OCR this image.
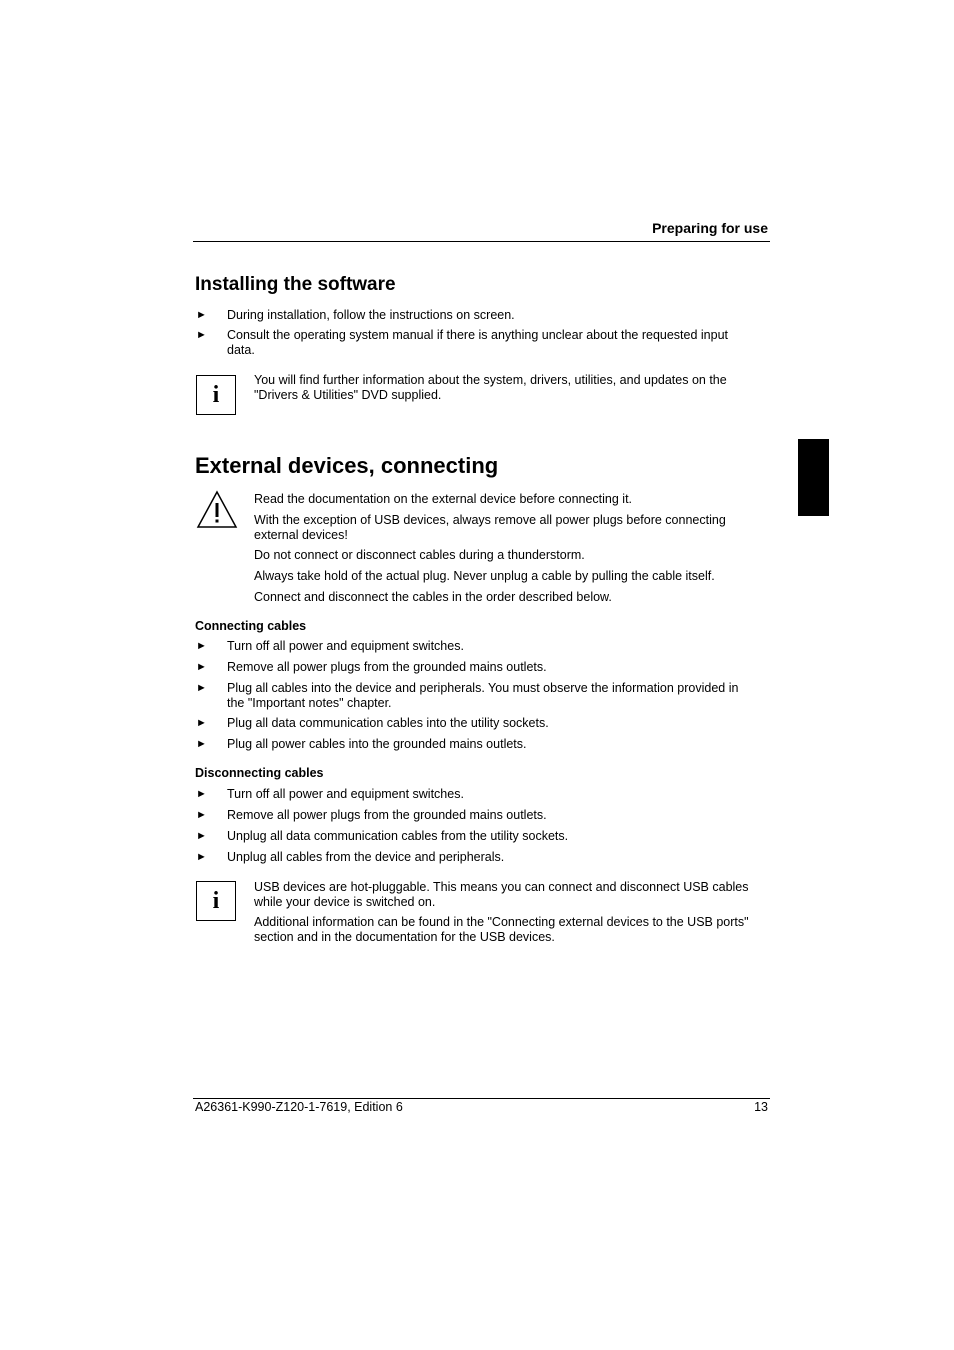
Preparing for use
Installing the software
► During installation, follow the instructions on screen.
► Consult the operating system manual if there is anything unclear about the requested input data.
i
You will find further information about the system, drivers, utilities, and updates on the "Drivers & Utilities" DVD supplied.
External devices, connecting
Read the documentation on the external device before connecting it.
With the exception of USB devices, always remove all power plugs before connecting external devices!
Do not connect or disconnect cables during a thunderstorm.
Always take hold of the actual plug. Never unplug a cable by pulling the cable itself.
Connect and disconnect the cables in the order described below.
Connecting cables
► Turn off all power and equipment switches.
► Remove all power plugs from the grounded mains outlets.
► Plug all cables into the device and peripherals. You must observe the information provided in the "Important notes" chapter.
► Plug all data communication cables into the utility sockets.
► Plug all power cables into the grounded mains outlets.
Disconnecting cables
► Turn off all power and equipment switches.
► Remove all power plugs from the grounded mains outlets.
► Unplug all data communication cables from the utility sockets.
► Unplug all cables from the device and peripherals.
i
USB devices are hot-pluggable. This means you can connect and disconnect USB cables while your device is switched on.
Additional information can be found in the "Connecting external devices to the USB ports" section and in the documentation for the USB devices.
A26361-K990-Z120-1-7619, Edition 6	13
